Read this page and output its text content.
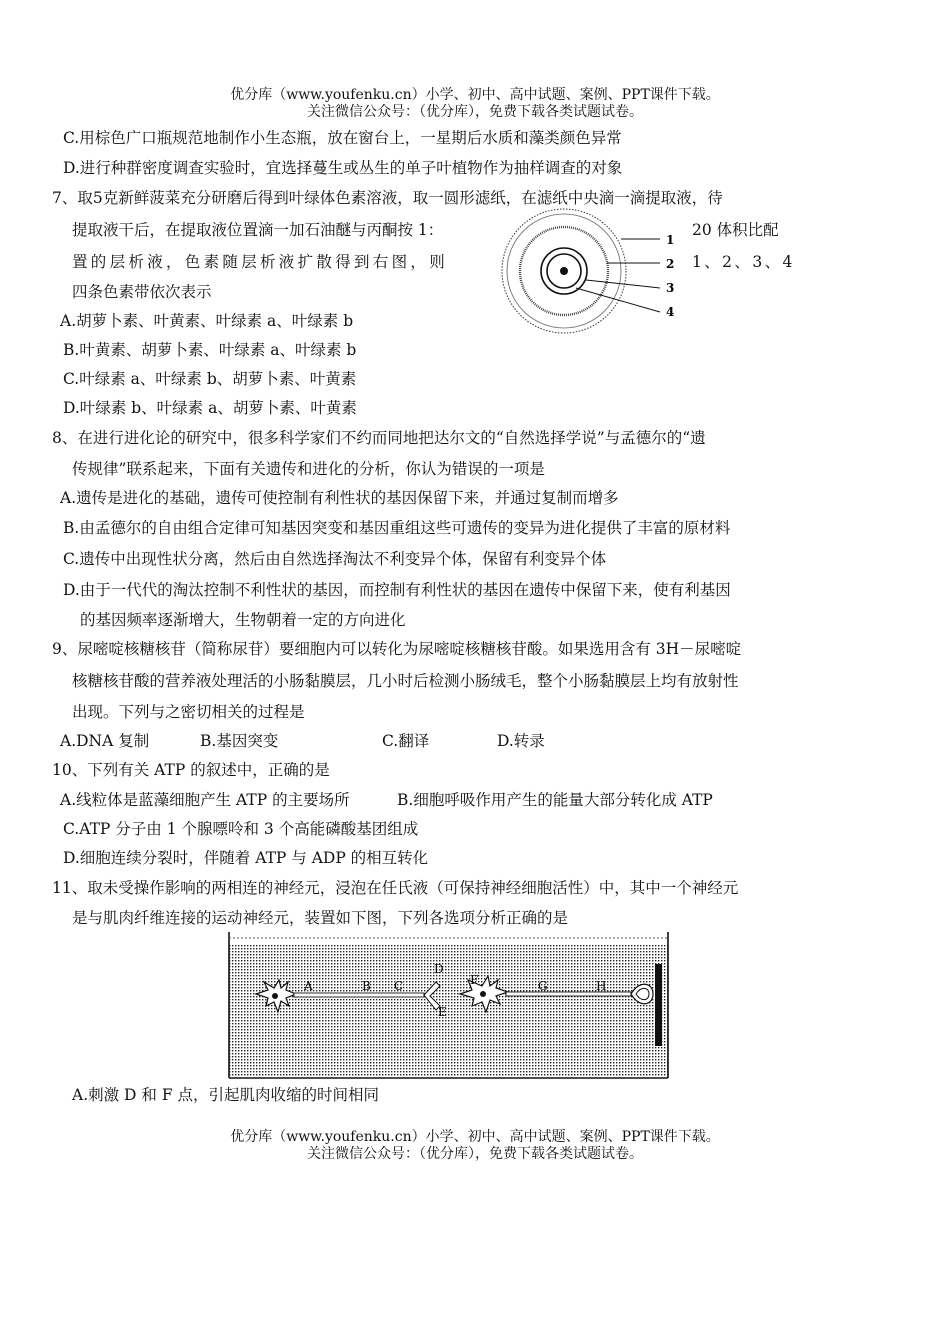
优分库（www.youfenku.cn）小学、初中、高中试题、案例、PPT课件下载。
关注微信公众号：（优分库），免费下载各类试题试卷。
C.用棕色广口瓶规范地制作小生态瓶，放在窗台上，一星期后水质和藻类颜色异常
D.进行种群密度调查实验时，宜选择蔓生或丛生的单子叶植物作为抽样调查的对象
7、取5克新鲜菠菜充分研磨后得到叶绿体色素溶液，取一圆形滤纸，在滤纸中央滴一滴提取液，待
提取液干后，在提取液位置滴一加石油醚与丙酮按 1：	20 体积比配
置的层析液，色素随层析液扩散得到右图，则	1、2、3、4
四条色素带依次表示
A.胡萝卜素、叶黄素、叶绿素 a、叶绿素 b
B.叶黄素、胡萝卜素、叶绿素 a、叶绿素 b
C.叶绿素 a、叶绿素 b、胡萝卜素、叶黄素
D.叶绿素 b、叶绿素 a、胡萝卜素、叶黄素
1
2
3
4
8、在进行进化论的研究中，很多科学家们不约而同地把达尔文的“自然选择学说”与孟德尔的“遗
传规律”联系起来，下面有关遗传和进化的分析，你认为错误的一项是
A.遗传是进化的基础，遗传可使控制有利性状的基因保留下来，并通过复制而增多
B.由孟德尔的自由组合定律可知基因突变和基因重组这些可遗传的变异为进化提供了丰富的原材料
C.遗传中出现性状分离，然后由自然选择淘汰不利变异个体，保留有利变异个体
D.由于一代代的淘汰控制不利性状的基因，而控制有利性状的基因在遗传中保留下来，使有利基因
的基因频率逐渐增大，生物朝着一定的方向进化
9、尿嘧啶核糖核苷（简称尿苷）要细胞内可以转化为尿嘧啶核糖核苷酸。如果选用含有 3H－尿嘧啶
核糖核苷酸的营养液处理活的小肠黏膜层，几小时后检测小肠绒毛，整个小肠黏膜层上均有放射性
出现。下列与之密切相关的过程是
A.DNA 复制	B.基因突变	C.翻译	D.转录
10、下列有关 ATP 的叙述中，正确的是
A.线粒体是蓝藻细胞产生 ATP 的主要场所	B.细胞呼吸作用产生的能量大部分转化成 ATP
C.ATP 分子由 1 个腺嘌呤和 3 个高能磷酸基团组成
D.细胞连续分裂时，伴随着 ATP 与 ADP 的相互转化
11、取未受操作影响的两相连的神经元，浸泡在任氏液（可保持神经细胞活性）中，其中一个神经元
是与肌肉纤维连接的运动神经元，装置如下图，下列各选项分析正确的是
A	B C
D
E
F	G	H
A.刺激 D 和 F 点，引起肌肉收缩的时间相同
优分库（www.youfenku.cn）小学、初中、高中试题、案例、PPT课件下载。
关注微信公众号：（优分库），免费下载各类试题试卷。
